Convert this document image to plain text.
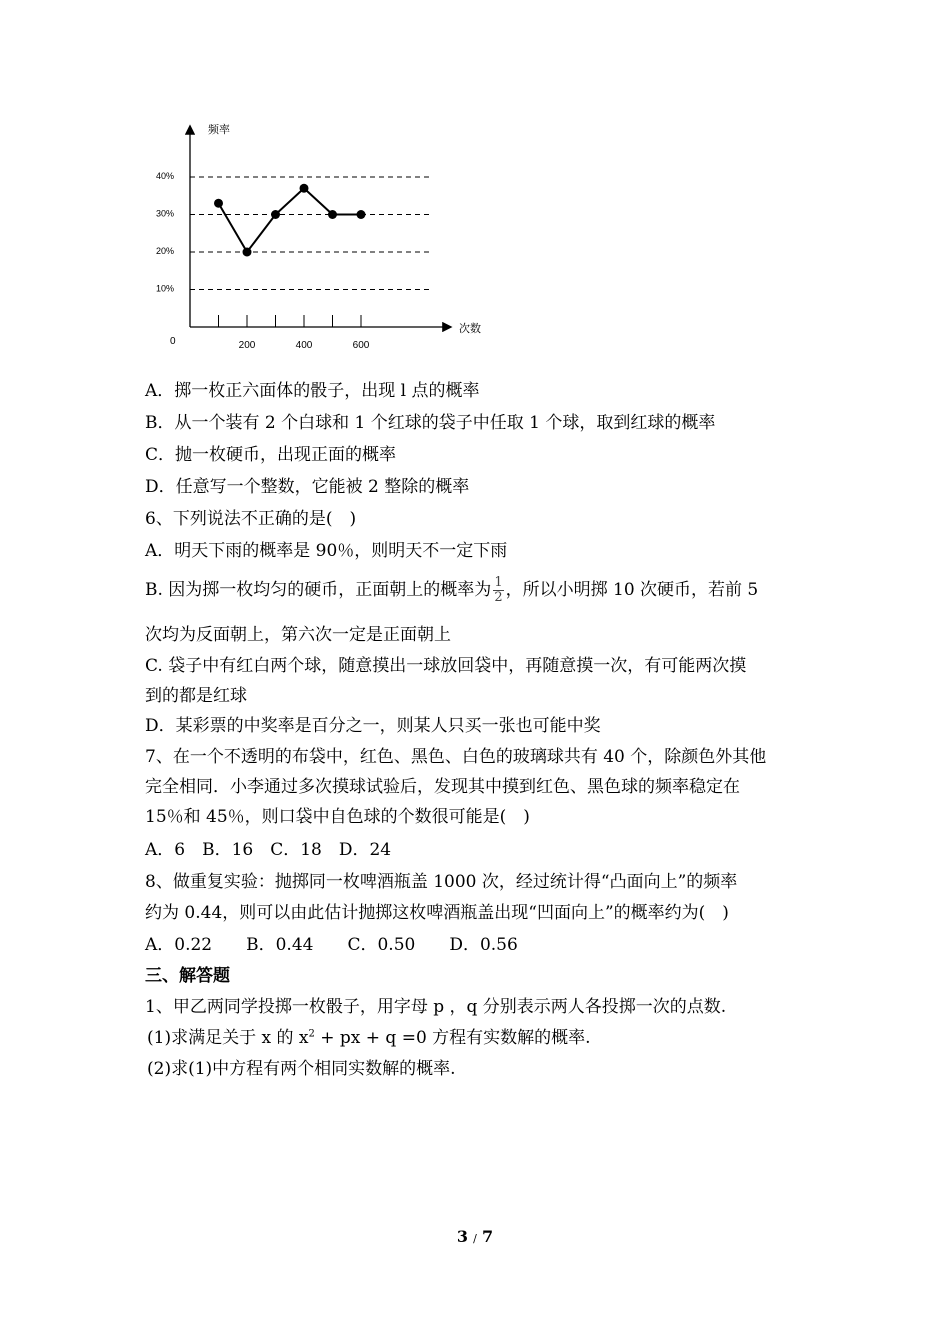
频率
次数
0
10%
20%
30%
40%
200	400	600
A．掷一枚正六面体的骰子，出现 l 点的概率
B．从一个装有 2 个白球和 1 个红球的袋子中任取 1 个球，取到红球的概率
C．抛一枚硬币，出现正面的概率
D．任意写一个整数，它能被 2 整除的概率
6、下列说法不正确的是(　)
A．明天下雨的概率是 90％，则明天不一定下雨
B. 因为掷一枚均匀的硬币，正面朝上的概率为 $\frac{1}{2}$ ，所以小明掷 10 次硬币，若前 5
次均为反面朝上，第六次一定是正面朝上
C. 袋子中有红白两个球，随意摸出一球放回袋中，再随意摸一次，有可能两次摸
到的都是红球
D．某彩票的中奖率是百分之一，则某人只买一张也可能中奖
7、在一个不透明的布袋中，红色、黑色、白色的玻璃球共有 40 个，除颜色外其他
完全相同．小李通过多次摸球试验后，发现其中摸到红色、黑色球的频率稳定在
15％和 45％，则口袋中自色球的个数很可能是(　)
A．6　B．16　C．18　D．24
8、做重复实验：抛掷同一枚啤酒瓶盖 1000 次，经过统计得“凸面向上”的频率
约为 0.44，则可以由此估计抛掷这枚啤酒瓶盖出现“凹面向上”的概率约为(　)
A．0.22　　B．0.44　　C．0.50　　D．0.56
三、解答题
1、甲乙两同学投掷一枚骰子，用字母 p ，q 分别表示两人各投掷一次的点数.
(1)求满足关于 x 的 $x^2$ + px + q =0 方程有实数解的概率.
(2)求(1)中方程有两个相同实数解的概率.
3 / 7
